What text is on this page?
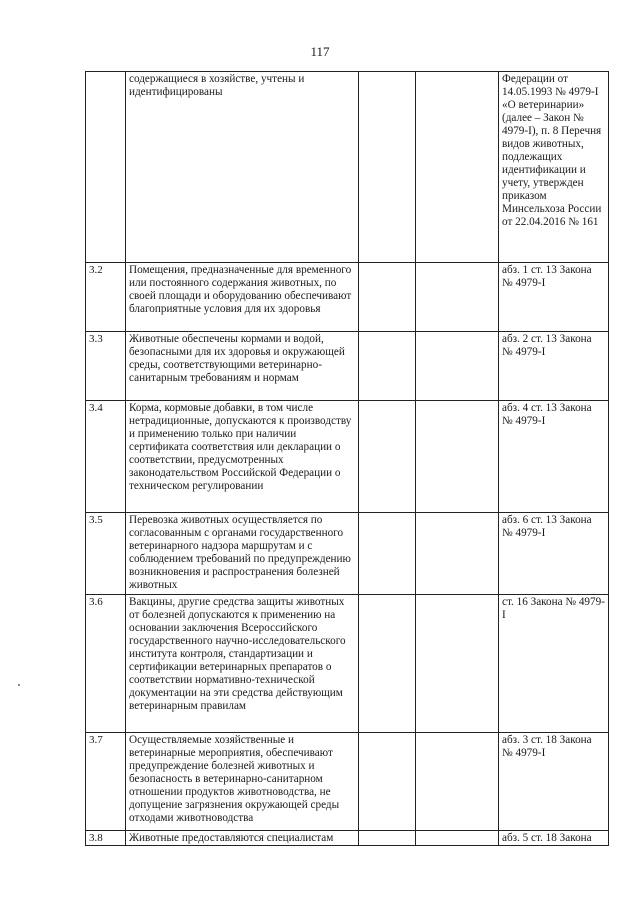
117
	содержащиеся в хозяйстве, учтены и идентифицированы			Федерации от 14.05.1993 № 4979-I «О ветеринарии» (далее – Закон № 4979-I), п. 8 Перечня видов животных, подлежащих идентификации и учету, утвержден приказом Минсельхоза России от 22.04.2016 № 161
3.2	Помещения, предназначенные для временного или постоянного содержания животных, по своей площади и оборудованию обеспечивают благоприятные условия для их здоровья			абз. 1 ст. 13 Закона № 4979-I
3.3	Животные обеспечены кормами и водой, безопасными для их здоровья и окружающей среды, соответствующими ветеринарно-санитарным требованиям и нормам			абз. 2 ст. 13 Закона № 4979-I
3.4	Корма, кормовые добавки, в том числе нетрадиционные, допускаются к производству и применению только при наличии сертификата соответствия или декларации о соответствии, предусмотренных законодательством Российской Федерации о техническом регулировании			абз. 4 ст. 13 Закона № 4979-I
3.5	Перевозка животных осуществляется по согласованным с органами государственного ветеринарного надзора маршрутам и с соблюдением требований по предупреждению возникновения и распространения болезней животных			абз. 6 ст. 13 Закона № 4979-I
3.6	Вакцины, другие средства защиты животных от болезней допускаются к применению на основании заключения Всероссийского государственного научно-исследовательского института контроля, стандартизации и сертификации ветеринарных препаратов о соответствии нормативно-технической документации на эти средства действующим ветеринарным правилам			ст. 16 Закона № 4979-I
3.7	Осуществляемые хозяйственные и ветеринарные мероприятия, обеспечивают предупреждение болезней животных и безопасность в ветеринарно-санитарном отношении продуктов животноводства, не допущение загрязнения окружающей среды отходами животноводства			абз. 3 ст. 18 Закона № 4979-I
3.8	Животные предоставляются специалистам			абз. 5 ст. 18 Закона
